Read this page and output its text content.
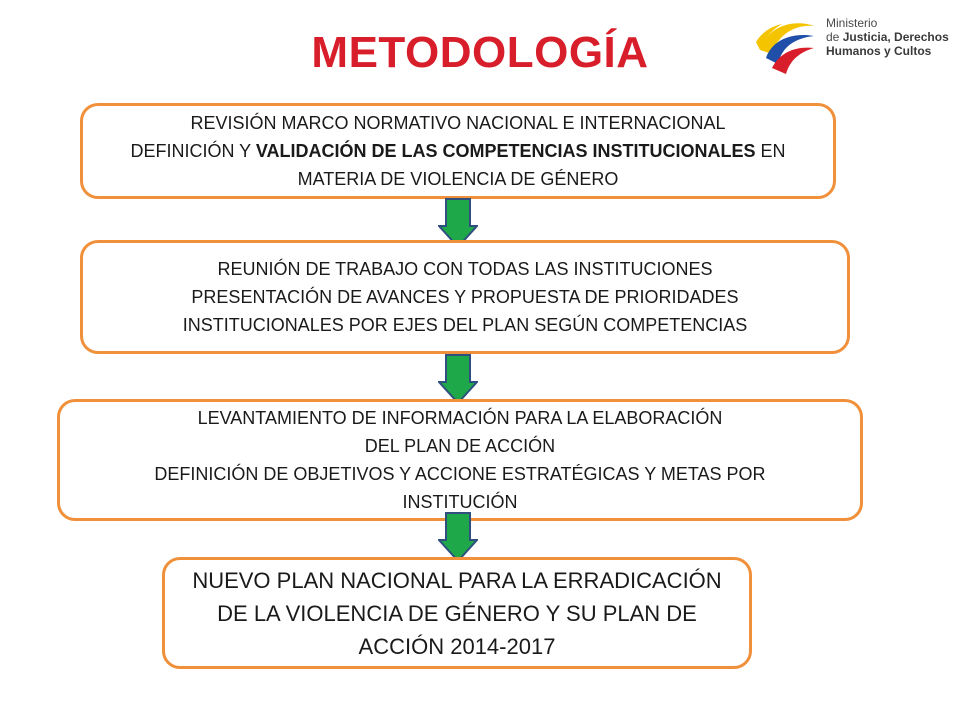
METODOLOGÍA
Ministerio
de Justicia, Derechos
Humanos y Cultos
REVISIÓN MARCO NORMATIVO NACIONAL E INTERNACIONAL
DEFINICIÓN Y VALIDACIÓN DE LAS COMPETENCIAS INSTITUCIONALES EN
MATERIA DE VIOLENCIA DE GÉNERO
REUNIÓN DE TRABAJO CON TODAS LAS INSTITUCIONES
PRESENTACIÓN DE AVANCES Y PROPUESTA DE PRIORIDADES
INSTITUCIONALES POR EJES DEL PLAN SEGÚN COMPETENCIAS
LEVANTAMIENTO DE INFORMACIÓN PARA LA ELABORACIÓN
DEL PLAN DE ACCIÓN
DEFINICIÓN DE OBJETIVOS Y ACCIONE ESTRATÉGICAS Y METAS POR
INSTITUCIÓN
NUEVO PLAN NACIONAL PARA LA ERRADICACIÓN
DE LA VIOLENCIA DE GÉNERO Y SU PLAN DE
ACCIÓN 2014-2017
